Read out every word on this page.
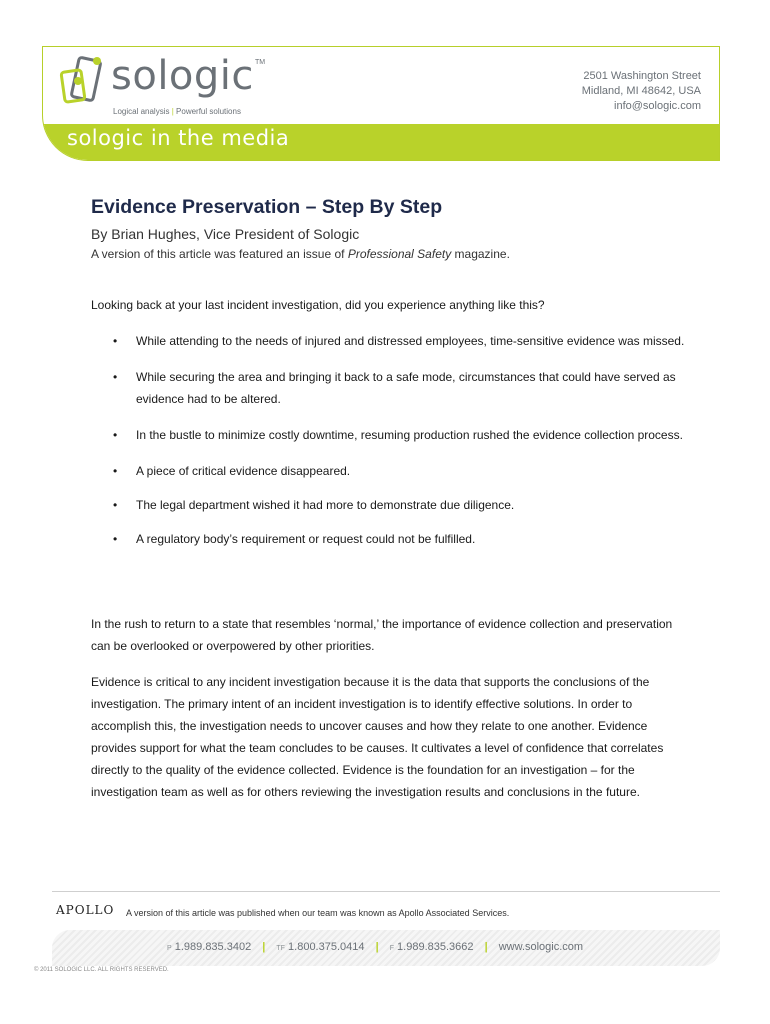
sologic TM
Logical analysis | Powerful solutions
2501 Washington Street
Midland, MI 48642, USA
info@sologic.com
sologic in the media
Evidence Preservation – Step By Step
By Brian Hughes, Vice President of Sologic
A version of this article was featured an issue of Professional Safety magazine.
Looking back at your last incident investigation, did you experience anything like this?
• While attending to the needs of injured and distressed employees, time-sensitive evidence was missed.
• While securing the area and bringing it back to a safe mode, circumstances that could have served as evidence had to be altered.
• In the bustle to minimize costly downtime, resuming production rushed the evidence collection process.
• A piece of critical evidence disappeared.
• The legal department wished it had more to demonstrate due diligence.
• A regulatory body’s requirement or request could not be fulfilled.
In the rush to return to a state that resembles ‘normal,’ the importance of evidence collection and preservation can be overlooked or overpowered by other priorities.
Evidence is critical to any incident investigation because it is the data that supports the conclusions of the investigation. The primary intent of an incident investigation is to identify effective solutions. In order to accomplish this, the investigation needs to uncover causes and how they relate to one another. Evidence provides support for what the team concludes to be causes. It cultivates a level of confidence that correlates directly to the quality of the evidence collected. Evidence is the foundation for an investigation – for the investigation team as well as for others reviewing the investigation results and conclusions in the future.
APOLLO A version of this article was published when our team was known as Apollo Associated Services.
P 1.989.835.3402 | TF 1.800.375.0414 | F 1.989.835.3662 | www.sologic.com
© 2011 SOLOGIC LLC. ALL RIGHTS RESERVED.
